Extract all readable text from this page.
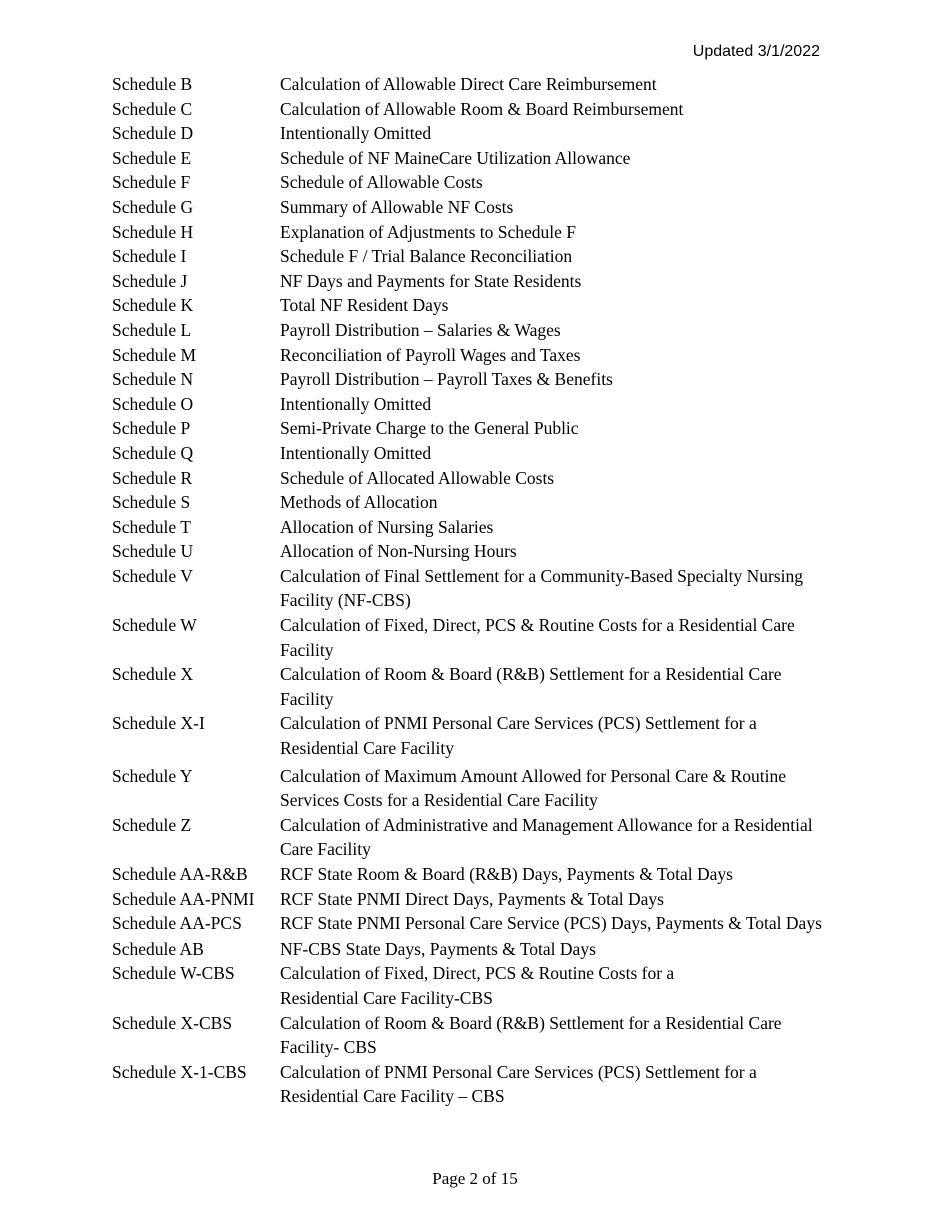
Updated 3/1/2022
Schedule B	Calculation of Allowable Direct Care Reimbursement
Schedule C	Calculation of Allowable Room & Board Reimbursement
Schedule D	Intentionally Omitted
Schedule E	Schedule of NF MaineCare Utilization Allowance
Schedule F	Schedule of Allowable Costs
Schedule G	Summary of Allowable NF Costs
Schedule H	Explanation of Adjustments to Schedule F
Schedule I	Schedule F / Trial Balance Reconciliation
Schedule J	NF Days and Payments for State Residents
Schedule K	Total NF Resident Days
Schedule L	Payroll Distribution – Salaries & Wages
Schedule M	Reconciliation of Payroll Wages and Taxes
Schedule N	Payroll Distribution – Payroll Taxes & Benefits
Schedule O	Intentionally Omitted
Schedule P	Semi-Private Charge to the General Public
Schedule Q	Intentionally Omitted
Schedule R	Schedule of Allocated Allowable Costs
Schedule S	Methods of Allocation
Schedule T	Allocation of Nursing Salaries
Schedule U	Allocation of Non-Nursing Hours
Schedule V	Calculation of Final Settlement for a Community-Based Specialty Nursing Facility (NF-CBS)
Schedule W	Calculation of Fixed, Direct, PCS & Routine Costs for a Residential Care Facility
Schedule X	Calculation of Room & Board (R&B) Settlement for a Residential Care Facility
Schedule X-I	Calculation of PNMI Personal Care Services (PCS) Settlement for a Residential Care Facility
Schedule Y	Calculation of Maximum Amount Allowed for Personal Care & Routine Services Costs for a Residential Care Facility
Schedule Z	Calculation of Administrative and Management Allowance for a Residential Care Facility
Schedule AA-R&B	RCF State Room & Board (R&B) Days, Payments & Total Days
Schedule AA-PNMI	RCF State PNMI Direct Days, Payments & Total Days
Schedule AA-PCS	RCF State PNMI Personal Care Service (PCS) Days, Payments & Total Days
Schedule AB	NF-CBS State Days, Payments & Total Days
Schedule W-CBS	Calculation of Fixed, Direct, PCS & Routine Costs for a
Residential Care Facility-CBS
Schedule X-CBS	Calculation of Room & Board (R&B) Settlement for a Residential Care Facility- CBS
Schedule X-1-CBS	Calculation of PNMI Personal Care Services (PCS) Settlement for a Residential Care Facility – CBS
Page 2 of 15
